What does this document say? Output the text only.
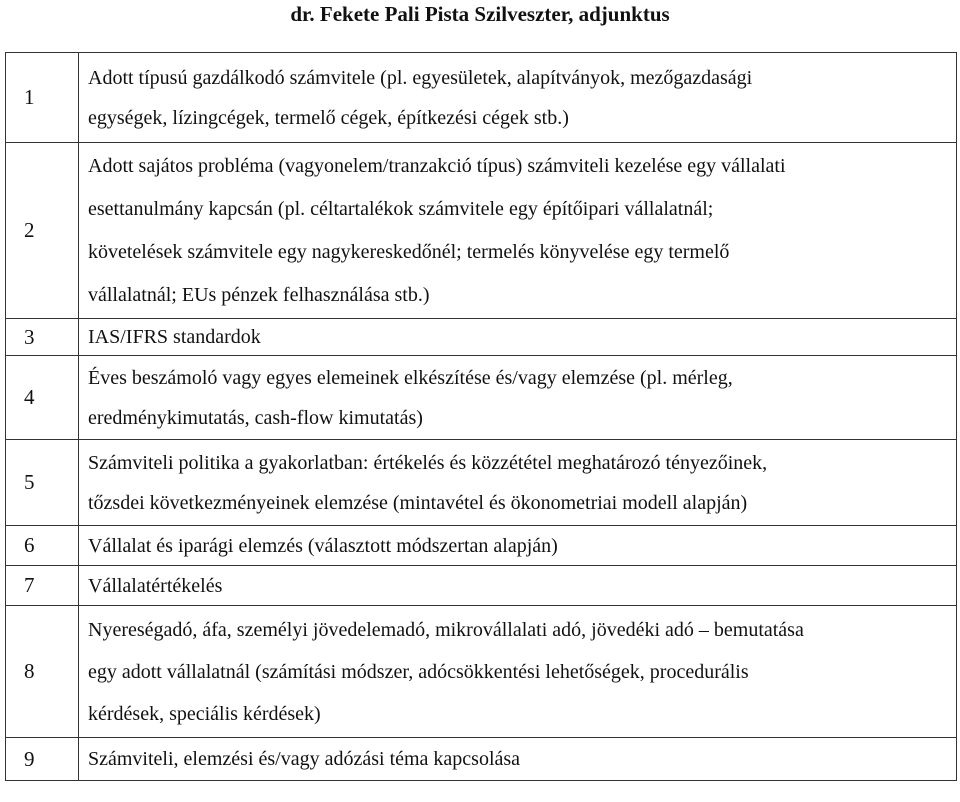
dr. Fekete Pali Pista Szilveszter, adjunktus
1	Adott típusú gazdálkodó számvitele (pl. egyesületek, alapítványok, mezőgazdasági
egységek, lízingcégek, termelő cégek, építkezési cégek stb.)

2	Adott sajátos probléma (vagyonelem/tranzakció típus) számviteli kezelése egy vállalati
esettanulmány kapcsán (pl. céltartalékok számvitele egy építőipari vállalatnál;
követelések számvitele egy nagykereskedőnél; termelés könyvelése egy termelő
vállalatnál; EUs pénzek felhasználása stb.)

3	IAS/IFRS standardok

4	Éves beszámoló vagy egyes elemeinek elkészítése és/vagy elemzése (pl. mérleg,
eredménykimutatás, cash-flow kimutatás)

5	Számviteli politika a gyakorlatban: értékelés és közzététel meghatározó tényezőinek,
tőzsdei következményeinek elemzése (mintavétel és ökonometriai modell alapján)

6	Vállalat és iparági elemzés (választott módszertan alapján)

7	Vállalatértékelés

8	Nyereségadó, áfa, személyi jövedelemadó, mikrovállalati adó, jövedéki adó – bemutatása
egy adott vállalatnál (számítási módszer, adócsökkentési lehetőségek, procedurális
kérdések, speciális kérdések)

9	Számviteli, elemzési és/vagy adózási téma kapcsolása
